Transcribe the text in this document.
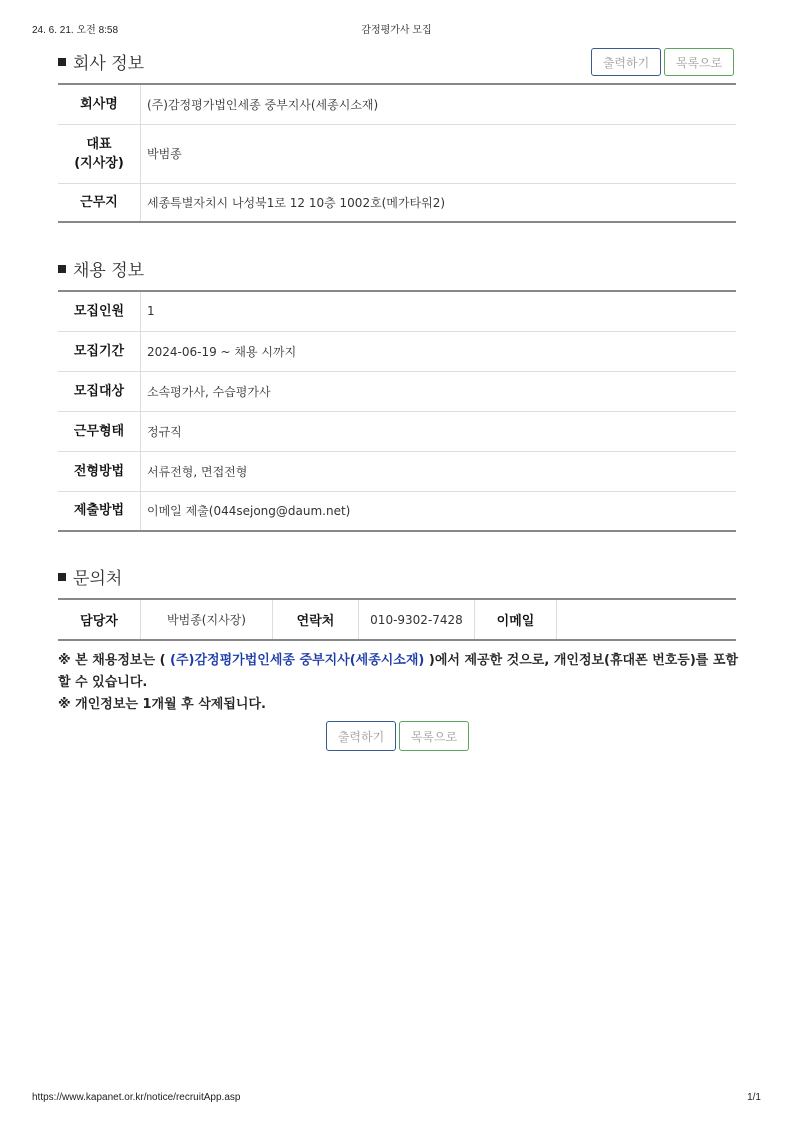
24. 6. 21. 오전 8:58	감정평가사 모집
회사 정보	출력하기	목록으로
회사명	(주)감정평가법인세종 중부지사(세종시소재)

대표
(지사장)	박범종
근무지	세종특별자치시 나성북1로 12 10층 1002호(메가타워2)
채용 정보
모집인원	1
모집기간	2024-06-19 ~ 채용 시까지
모집대상	소속평가사, 수습평가사
근무형태	정규직
전형방법	서류전형, 면접전형
제출방법	이메일 제출(044sejong@daum.net)
문의처
담당자	박범종(지사장)	연락처	010-9302-7428	이메일	
※ 본 채용정보는 ( (주)감정평가법인세종 중부지사(세종시소재) )에서 제공한 것으로, 개인정보(휴대폰 번호등)를 포함할 수 있습니다.
※ 개인정보는 1개월 후 삭제됩니다.
출력하기	목록으로
https://www.kapanet.or.kr/notice/recruitApp.asp	1/1
